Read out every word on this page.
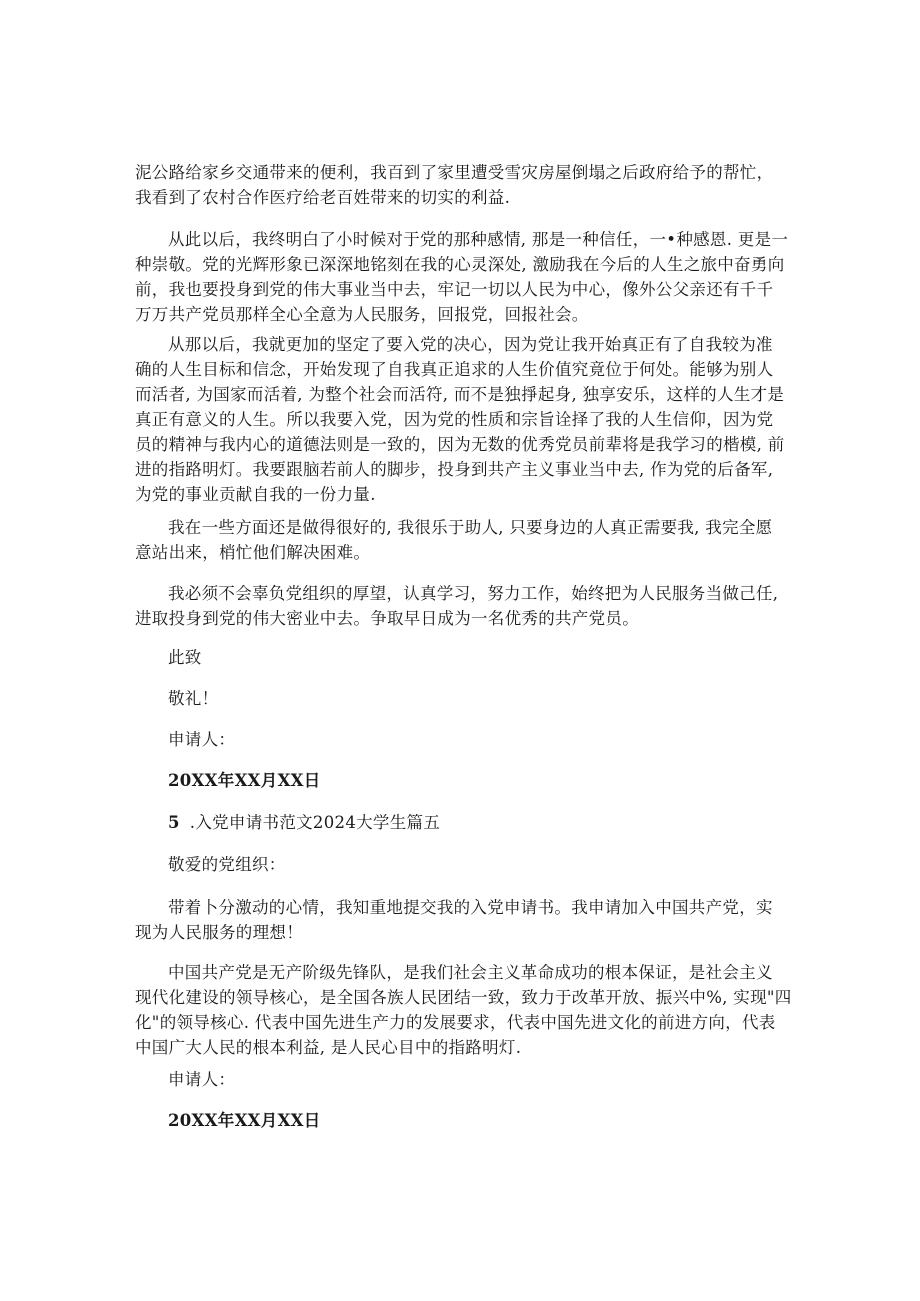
泥公路给家乡交通带来的便利，我百到了家里遭受雪灾房屋倒塌之后政府给予的帮忙，
我看到了农村合作医疗给老百姓带来的切实的利益.
从此以后，我终明白了小时候对于党的那种感情, 那是一种信任，一•种感恩. 更是一
种崇敬。党的光辉形象已深深地铭刻在我的心灵深处, 激励我在今后的人生之旅中奋勇向
前，我也要投身到党的伟大事业当中去，牢记一切以人民为中心，像外公父亲还有千千
万万共产党员那样全心全意为人民服务，回报党，回报社会。
从那以后，我就更加的坚定了要入党的决心，因为党让我开始真正有了自我较为准
确的人生目标和信念，开始发现了自我真正追求的人生价值究竟位于何处。能够为别人
而活者, 为国家而活着, 为整个社会而活符, 而不是独掙起身, 独享安乐，这样的人生才是
真正有意义的人生。所以我要入党，因为党的性质和宗旨诠择了我的人生信仰，因为党
员的精神与我内心的道德法则是一致的，因为无数的优秀党员前辈将是我学习的楷模, 前
进的指路明灯。我要跟脑若前人的脚步，投身到共产主义事业当中去, 作为党的后备军,
为党的事业贡献自我的一份力量.
我在一些方面还是做得很好的, 我很乐于助人, 只要身边的人真正需要我, 我完全愿
意站出来，梢忙他们解决困难。
我必须不会辜负党组织的厚望，认真学习，努力工作，始终把为人民服务当做己任,
进取投身到党的伟大密业中去。争取早日成为一名优秀的共产党员。
此致
敬礼！
申请人：
20XX年XX月XX日
5 .入党申请书范文2024大学生篇五
敬爱的党组织：
带着卜分激动的心情，我知重地提交我的入党申请书。我申请加入中国共产党，实
现为人民服务的理想！
中国共产党是无产阶级先锋队，是我们社会主义革命成功的根本保证，是社会主义
现代化建设的领导核心，是全国各族人民团结一致，致力于改革开放、振兴中%, 实现"四
化"的领导核心. 代表中国先进生产力的发展要求，代表中国先进文化的前进方向，代表
中国广大人民的根本利益, 是人民心目中的指路明灯.
申请人：
20XX年XX月XX日
